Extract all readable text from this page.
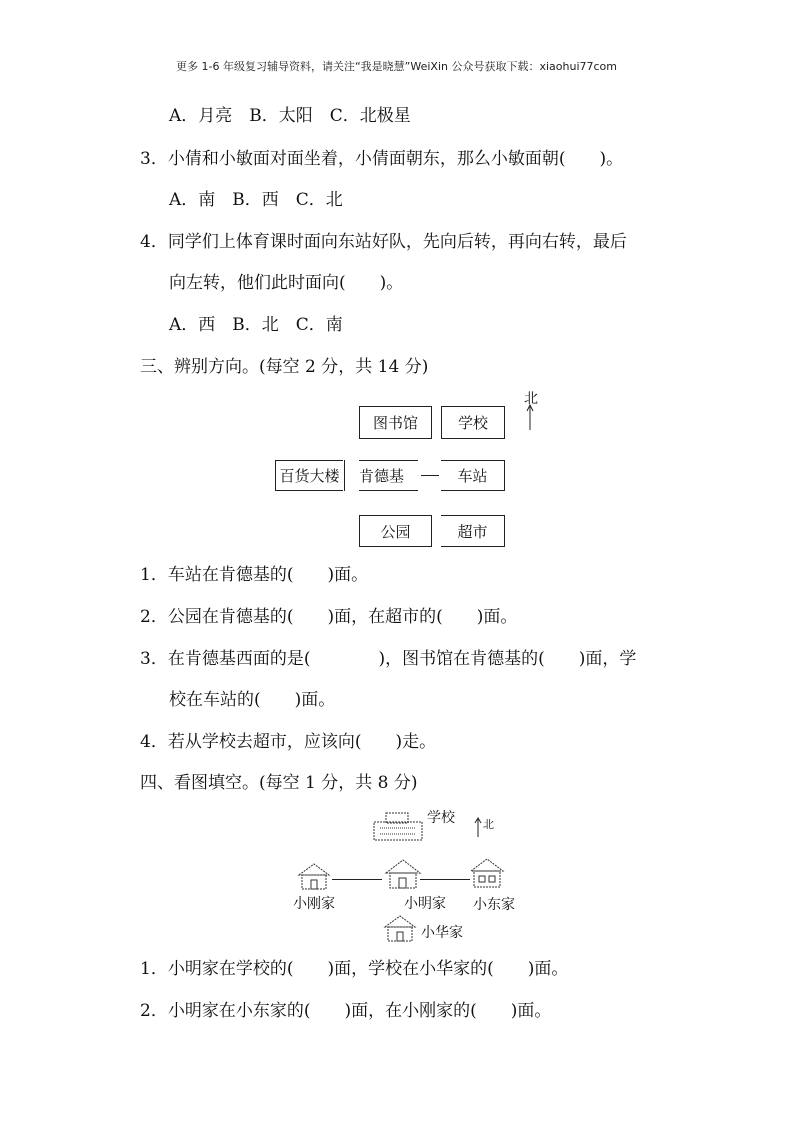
更多 1-6 年级复习辅导资料，请关注“我是晓慧”WeiXin 公众号获取下载：xiaohui77com
A．月亮　B．太阳　C．北极星
3．小倩和小敏面对面坐着，小倩面朝东，那么小敏面朝(　　)。
A．南　B．西　C．北
4．同学们上体育课时面向东站好队，先向后转，再向右转，最后
向左转，他们此时面向(　　)。
A．西　B．北　C．南
三、辨别方向。(每空 2 分，共 14 分)
图书馆	学校
百货大楼	肯德基	车站
公园	超市
北
1．车站在肯德基的(　　)面。
2．公园在肯德基的(　　)面，在超市的(　　)面。
3．在肯德基西面的是(　　　　)，图书馆在肯德基的(　　)面，学
校在车站的(　　)面。
4．若从学校去超市，应该向(　　)走。
四、看图填空。(每空 1 分，共 8 分)
学校	北
小刚家	小明家 小东家
小华家
1．小明家在学校的(　　)面，学校在小华家的(　　)面。
2．小明家在小东家的(　　)面，在小刚家的(　　)面。
